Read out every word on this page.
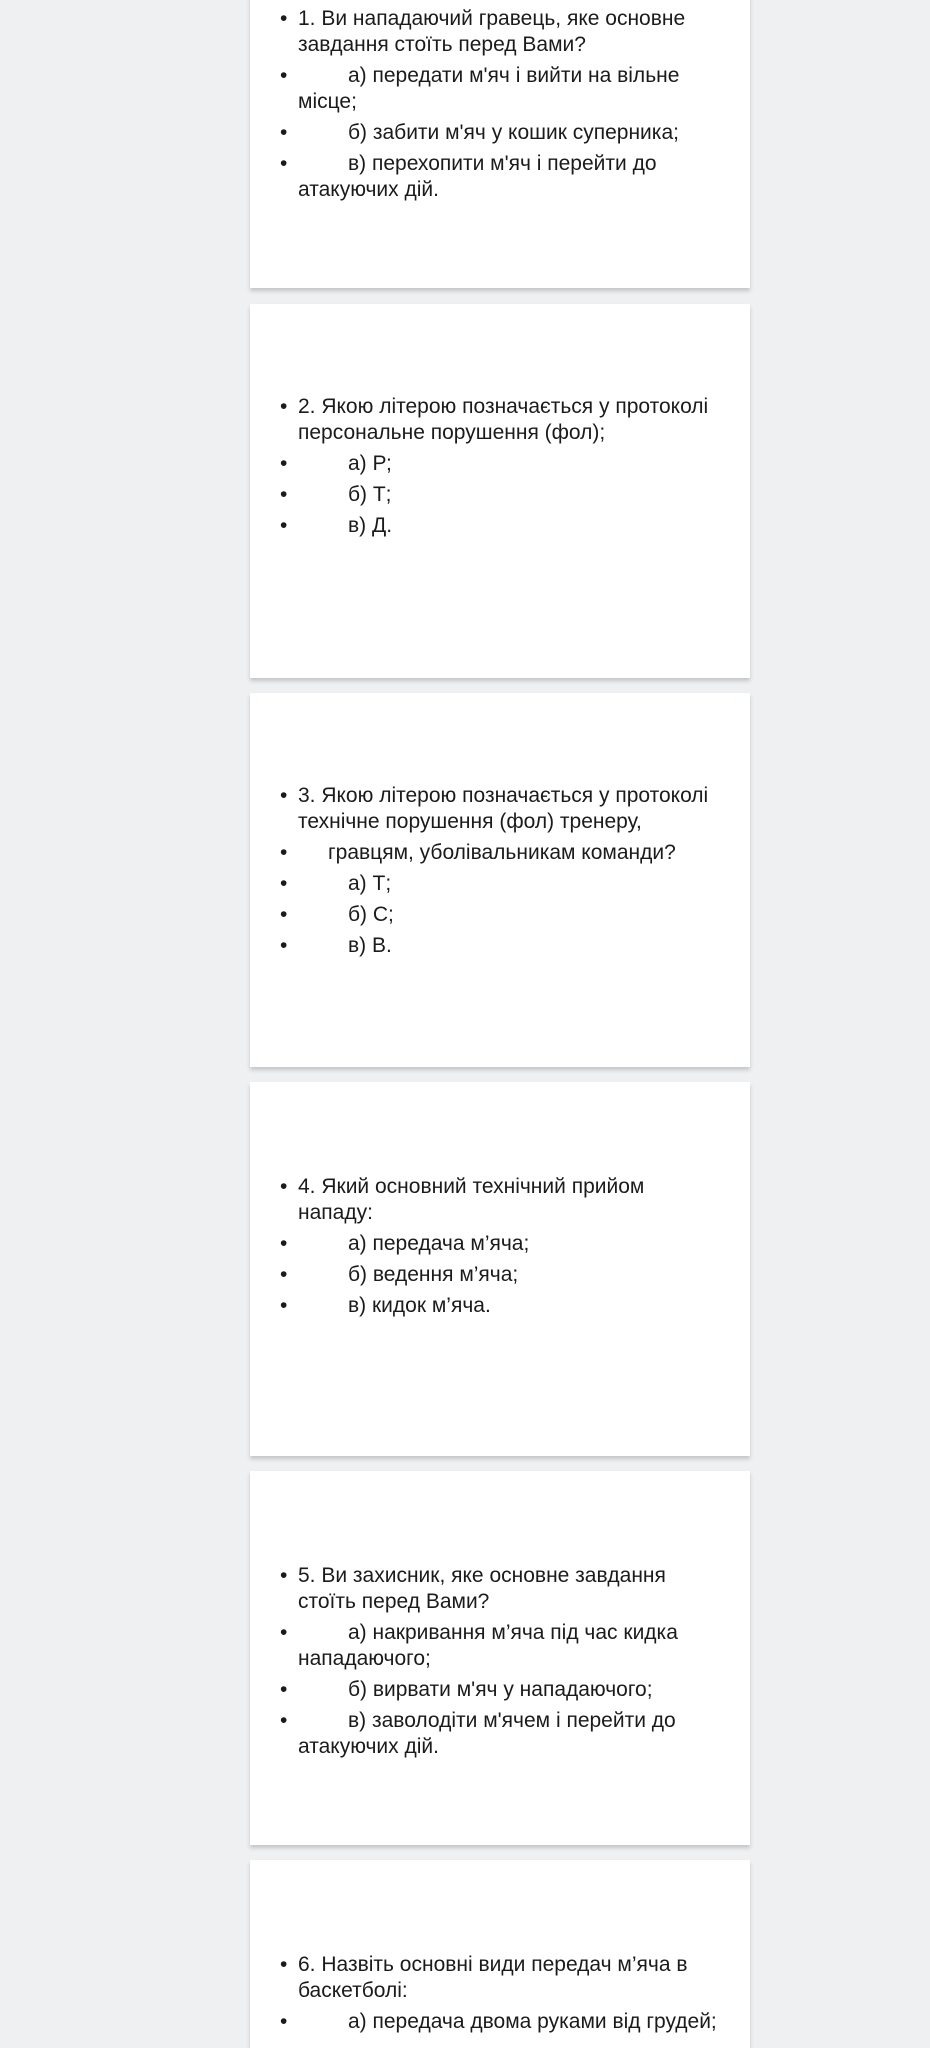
• 1. Ви нападаючий гравець, яке основне завдання стоїть перед Вами?
• а) передати м'яч і вийти на вільне місце;
• б) забити м'яч у кошик суперника;
• в) перехопити м'яч і перейти до атакуючих дій.
• 2. Якою літерою позначається у протоколі персональне порушення (фол);
• а) Р;
• б) Т;
• в) Д.
• 3. Якою літерою позначається у протоколі технічне порушення (фол) тренеру,
• гравцям, уболівальникам команди?
• а) Т;
• б) С;
• в) В.
• 4. Який основний технічний прийом нападу:
• а) передача м’яча;
• б) ведення м’яча;
• в) кидок м’яча.
• 5. Ви захисник, яке основне завдання стоїть перед Вами?
• а) накривання м’яча під час кидка нападаючого;
• б) вирвати м'яч у нападаючого;
• в) заволодіти м'ячем і перейти до атакуючих дій.
• 6. Назвіть основні види передач м’яча в баскетболі:
• а) передача двома руками від грудей;
